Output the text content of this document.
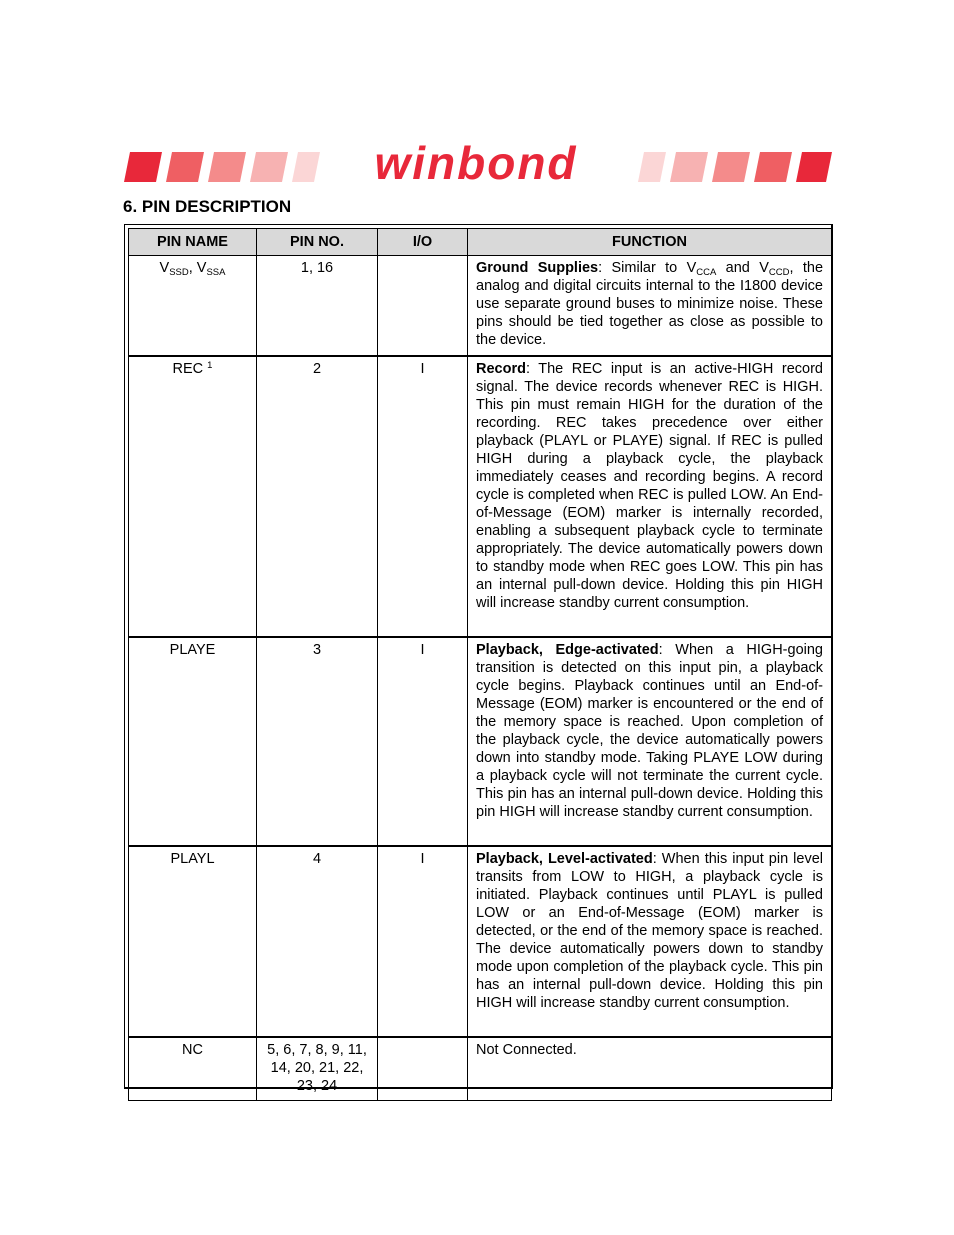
winbond
6. PIN DESCRIPTION
PIN NAME	PIN NO.	I/O	FUNCTION
$V_{SSD}$, $V_{SSA}$	1, 16		Ground Supplies: Similar to $V_{CCA}$ and $V_{CCD}$, the analog and digital circuits internal to the I1800 device use separate ground buses to minimize noise. These pins should be tied together as close as possible to the device.
REC $^1$	2	I	Record: The REC input is an active-HIGH record signal. The device records whenever REC is HIGH. This pin must remain HIGH for the duration of the recording. REC takes precedence over either playback (PLAYL or PLAYE) signal. If REC is pulled HIGH during a playback cycle, the playback immediately ceases and recording begins. A record cycle is completed when REC is pulled LOW. An End-of-Message (EOM) marker is internally recorded, enabling a subsequent playback cycle to terminate appropriately. The device automatically powers down to standby mode when REC goes LOW. This pin has an internal pull-down device. Holding this pin HIGH will increase standby current consumption.
PLAYE	3	I	Playback, Edge-activated: When a HIGH-going transition is detected on this input pin, a playback cycle begins. Playback continues until an End-of-Message (EOM) marker is encountered or the end of the memory space is reached. Upon completion of the playback cycle, the device automatically powers down into standby mode. Taking PLAYE LOW during a playback cycle will not terminate the current cycle. This pin has an internal pull-down device. Holding this pin HIGH will increase standby current consumption.
PLAYL	4	I	Playback, Level-activated: When this input pin level transits from LOW to HIGH, a playback cycle is initiated. Playback continues until PLAYL is pulled LOW or an End-of-Message (EOM) marker is detected, or the end of the memory space is reached. The device automatically powers down to standby mode upon completion of the playback cycle. This pin has an internal pull-down device. Holding this pin HIGH will increase standby current consumption.
NC	5, 6, 7, 8, 9, 11, 14, 20, 21, 22, 23, 24		Not Connected.
